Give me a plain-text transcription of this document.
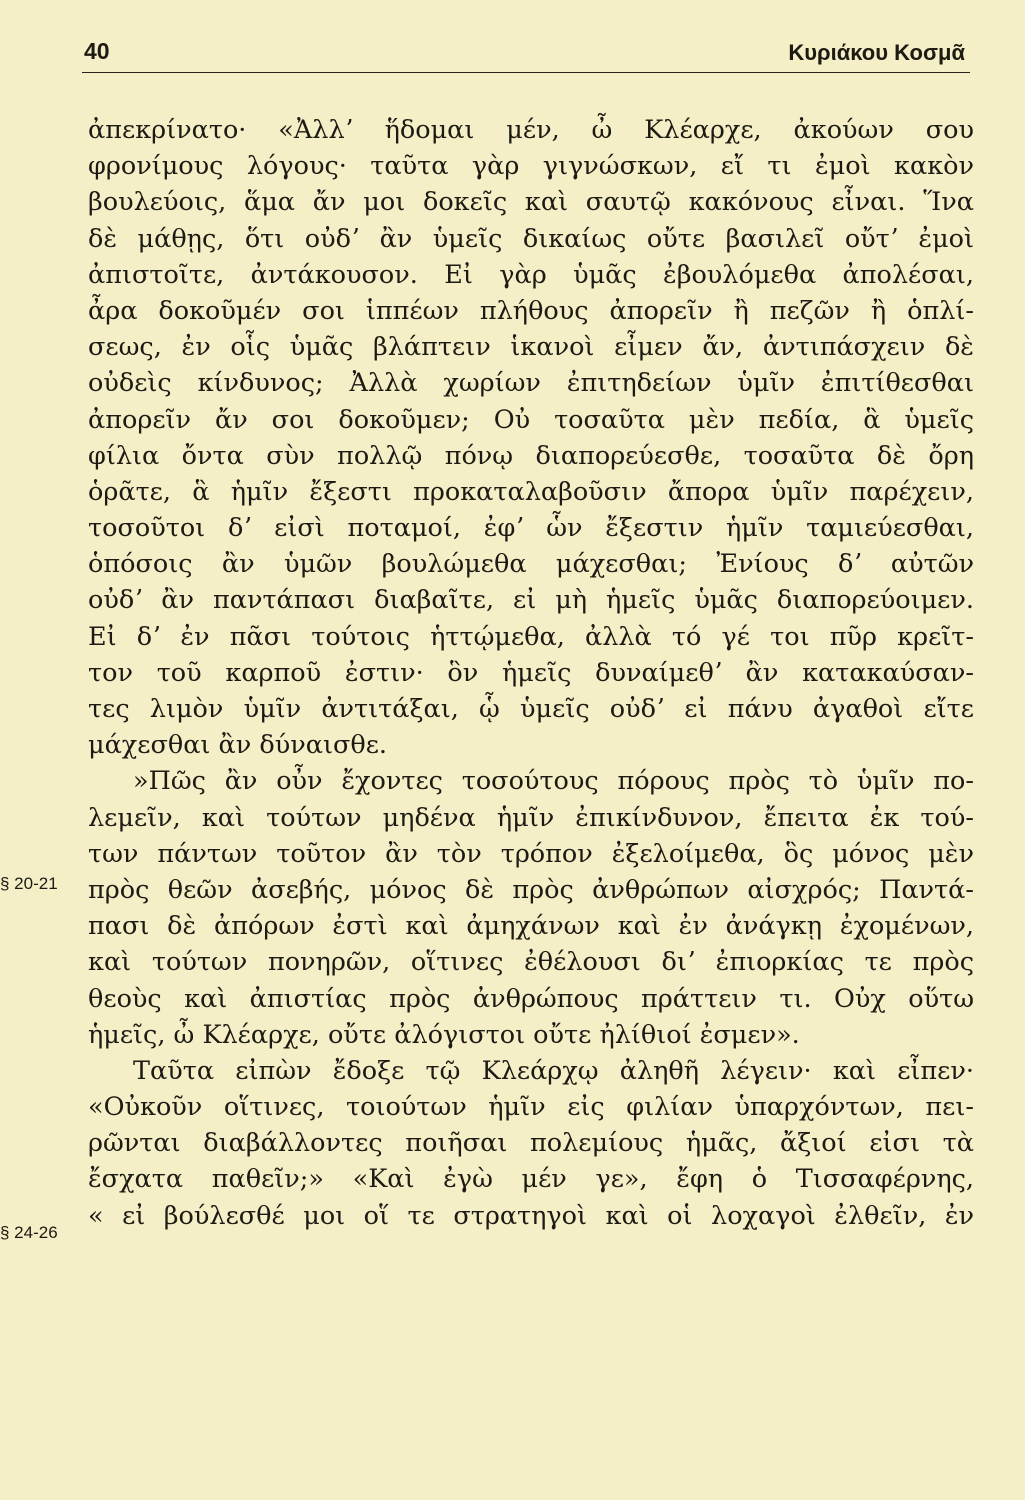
40	Κυριάκου Κοσμᾶ
§ 20-21
§ 24-26
ἀπεκρίνατο· «Ἀλλʼ ἥδομαι μέν, ὦ Κλέαρχε, ἀκούων σου
φρονίμους λόγους· ταῦτα γὰρ γιγνώσκων, εἴ τι ἐμοὶ κακὸν
βουλεύοις, ἅμα ἄν μοι δοκεῖς καὶ σαυτῷ κακόνους εἶναι. Ἵνα
δὲ μάθῃς, ὅτι οὐδʼ ἂν ὑμεῖς δικαίως οὔτε βασιλεῖ οὔτʼ ἐμοὶ
ἀπιστοῖτε, ἀντάκουσον. Εἰ γὰρ ὑμᾶς ἐβουλόμεθα ἀπολέσαι,
ἆρα δοκοῦμέν σοι ἱππέων πλήθους ἀπορεῖν ἢ πεζῶν ἢ ὁπλί-
σεως, ἐν οἷς ὑμᾶς βλάπτειν ἱκανοὶ εἶμεν ἄν, ἀντιπάσχειν δὲ
οὐδεὶς κίνδυνος; Ἀλλὰ χωρίων ἐπιτηδείων ὑμῖν ἐπιτίθεσθαι
ἀπορεῖν ἄν σοι δοκοῦμεν; Οὐ τοσαῦτα μὲν πεδία, ἃ ὑμεῖς
φίλια ὄντα σὺν πολλῷ πόνῳ διαπορεύεσθε, τοσαῦτα δὲ ὄρη
ὁρᾶτε, ἃ ἡμῖν ἔξεστι προκαταλαβοῦσιν ἄπορα ὑμῖν παρέχειν,
τοσοῦτοι δʼ εἰσὶ ποταμοί, ἐφʼ ὧν ἔξεστιν ἡμῖν ταμιεύεσθαι,
ὁπόσοις ἂν ὑμῶν βουλώμεθα μάχεσθαι; Ἐνίους δʼ αὐτῶν
οὐδʼ ἂν παντάπασι διαβαῖτε, εἰ μὴ ἡμεῖς ὑμᾶς διαπορεύοιμεν.
Εἰ δʼ ἐν πᾶσι τούτοις ἡττῴμεθα, ἀλλὰ τό γέ τοι πῦρ κρεῖτ-
τον τοῦ καρποῦ ἐστιν· ὃν ἡμεῖς δυναίμεθʼ ἂν κατακαύσαν-
τες λιμὸν ὑμῖν ἀντιτάξαι, ᾧ ὑμεῖς οὐδʼ εἰ πάνυ ἀγαθοὶ εἴτε
μάχεσθαι ἂν δύναισθε.
»Πῶς ἂν οὖν ἔχοντες τοσούτους πόρους πρὸς τὸ ὑμῖν πο-
λεμεῖν, καὶ τούτων μηδένα ἡμῖν ἐπικίνδυνον, ἔπειτα ἐκ τού-
των πάντων τοῦτον ἂν τὸν τρόπον ἐξελοίμεθα, ὃς μόνος μὲν
πρὸς θεῶν ἀσεβής, μόνος δὲ πρὸς ἀνθρώπων αἰσχρός; Παντά-
πασι δὲ ἀπόρων ἐστὶ καὶ ἀμηχάνων καὶ ἐν ἀνάγκῃ ἐχομένων,
καὶ τούτων πονηρῶν, οἵτινες ἐθέλουσι διʼ ἐπιορκίας τε πρὸς
θεοὺς καὶ ἀπιστίας πρὸς ἀνθρώπους πράττειν τι. Οὐχ οὕτω
ἡμεῖς, ὦ Κλέαρχε, οὔτε ἀλόγιστοι οὔτε ἠλίθιοί ἐσμεν».
Ταῦτα εἰπὼν ἔδοξε τῷ Κλεάρχῳ ἀληθῆ λέγειν· καὶ εἶπεν·
«Οὐκοῦν οἵτινες, τοιούτων ἡμῖν εἰς φιλίαν ὑπαρχόντων, πει-
ρῶνται διαβάλλοντες ποιῆσαι πολεμίους ἡμᾶς, ἄξιοί εἰσι τὰ
ἔσχατα παθεῖν;» «Καὶ ἐγὼ μέν γε», ἔφη ὁ Τισσαφέρνης,
« εἰ βούλεσθέ μοι οἵ τε στρατηγοὶ καὶ οἱ λοχαγοὶ ἐλθεῖν, ἐν
